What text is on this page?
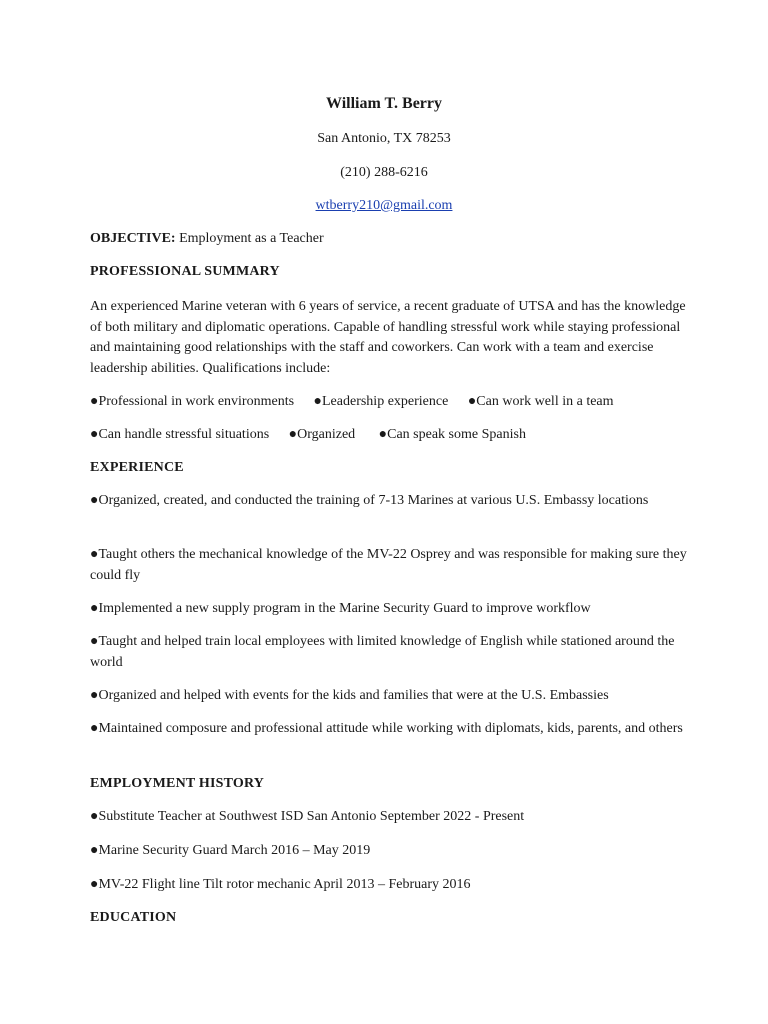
William T. Berry
San Antonio, TX 78253
(210) 288-6216
wtberry210@gmail.com
OBJECTIVE: Employment as a Teacher
PROFESSIONAL SUMMARY
An experienced Marine veteran with 6 years of service, a recent graduate of UTSA and has the knowledge of both military and diplomatic operations. Capable of handling stressful work while staying professional and maintaining good relationships with the staff and coworkers. Can work with a team and exercise leadership abilities. Qualifications include:
●Professional in work environments ●Leadership experience ●Can work well in a team
●Can handle stressful situations ●Organized ●Can speak some Spanish
EXPERIENCE
●Organized, created, and conducted the training of 7-13 Marines at various U.S. Embassy locations
●Taught others the mechanical knowledge of the MV-22 Osprey and was responsible for making sure they could fly
●Implemented a new supply program in the Marine Security Guard to improve workflow
●Taught and helped train local employees with limited knowledge of English while stationed around the world
●Organized and helped with events for the kids and families that were at the U.S. Embassies
●Maintained composure and professional attitude while working with diplomats, kids, parents, and others
EMPLOYMENT HISTORY
●Substitute Teacher at Southwest ISD San Antonio September 2022 - Present
●Marine Security Guard March 2016 – May 2019
●MV-22 Flight line Tilt rotor mechanic April 2013 – February 2016
EDUCATION
